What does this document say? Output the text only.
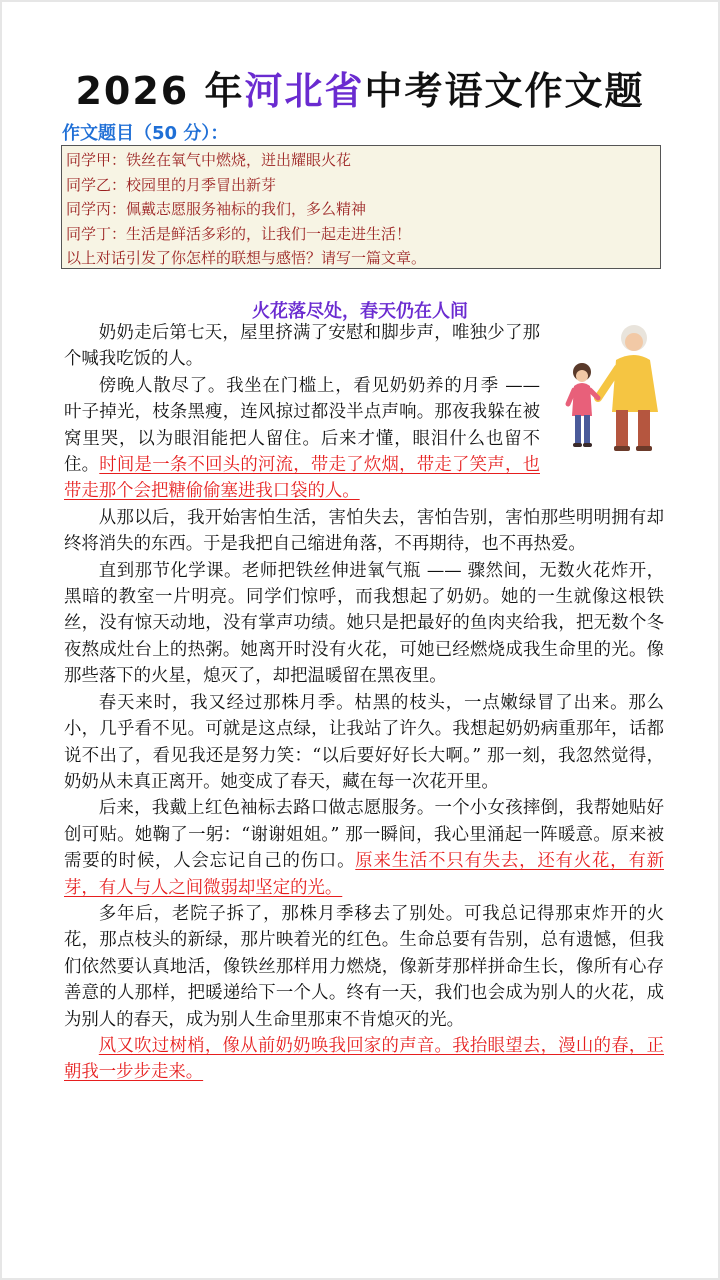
2026 年河北省中考语文作文题
作文题目（50 分）：
同学甲：铁丝在氧气中燃烧，迸出耀眼火花
同学乙：校园里的月季冒出新芽
同学丙：佩戴志愿服务袖标的我们，多么精神
同学丁：生活是鲜活多彩的，让我们一起走进生活！
以上对话引发了你怎样的联想与感悟？请写一篇文章。
火花落尽处，春天仍在人间

奶奶走后第七天，屋里挤满了安慰和脚步声，唯独少了那个喊我吃饭的人。

傍晚人散尽了。我坐在门槛上，看见奶奶养的月季 —— 叶子掉光，枝条黑瘦，连风掠过都没半点声响。那夜我躲在被窝里哭，以为眼泪能把人留住。后来才懂，眼泪什么也留不住。时间是一条不回头的河流，带走了炊烟，带走了笑声，也带走那个会把糖偷偷塞进我口袋的人。

从那以后，我开始害怕生活，害怕失去，害怕告别，害怕那些明明拥有却终将消失的东西。于是我把自己缩进角落，不再期待，也不再热爱。

直到那节化学课。老师把铁丝伸进氧气瓶 —— 骤然间，无数火花炸开，黑暗的教室一片明亮。同学们惊呼，而我想起了奶奶。她的一生就像这根铁丝，没有惊天动地，没有掌声功绩。她只是把最好的鱼肉夹给我，把无数个冬夜熬成灶台上的热粥。她离开时没有火花，可她已经燃烧成我生命里的光。像那些落下的火星，熄灭了，却把温暖留在黑夜里。

春天来时，我又经过那株月季。枯黑的枝头，一点嫩绿冒了出来。那么小，几乎看不见。可就是这点绿，让我站了许久。我想起奶奶病重那年，话都说不出了，看见我还是努力笑：“以后要好好长大啊。” 那一刻，我忽然觉得，奶奶从未真正离开。她变成了春天，藏在每一次花开里。

后来，我戴上红色袖标去路口做志愿服务。一个小女孩摔倒，我帮她贴好创可贴。她鞠了一躬：“谢谢姐姐。” 那一瞬间，我心里涌起一阵暖意。原来被需要的时候，人会忘记自己的伤口。原来生活不只有失去，还有火花，有新芽，有人与人之间微弱却坚定的光。

多年后，老院子拆了，那株月季移去了别处。可我总记得那束炸开的火花，那点枝头的新绿，那片映着光的红色。生命总要有告别，总有遗憾，但我们依然要认真地活，像铁丝那样用力燃烧，像新芽那样拼命生长，像所有心存善意的人那样，把暖递给下一个人。终有一天，我们也会成为别人的火花，成为别人的春天，成为别人生命里那束不肯熄灭的光。

风又吹过树梢，像从前奶奶唤我回家的声音。我抬眼望去，漫山的春，正朝我一步步走来。
